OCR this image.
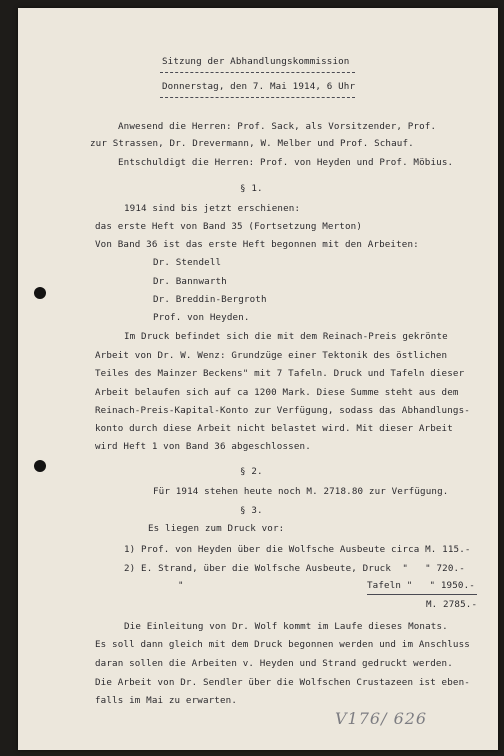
Sitzung der Abhandlungskommission
Donnerstag, den 7. Mai 1914, 6 Uhr
Anwesend die Herren: Prof. Sack, als Vorsitzender, Prof.
zur Strassen, Dr. Drevermann, W. Melber und Prof. Schauf.
Entschuldigt die Herren: Prof. von Heyden und Prof. Möbius.
§ 1.
1914 sind bis jetzt erschienen:
das erste Heft von Band 35 (Fortsetzung Merton)
Von Band 36 ist das erste Heft begonnen mit den Arbeiten:
Dr. Stendell
Dr. Bannwarth
Dr. Breddin-Bergroth
Prof. von Heyden.
Im Druck befindet sich die mit dem Reinach-Preis gekrönte
Arbeit von Dr. W. Wenz: Grundzüge einer Tektonik des östlichen
Teiles des Mainzer Beckens" mit 7 Tafeln. Druck und Tafeln dieser
Arbeit belaufen sich auf ca 1200 Mark. Diese Summe steht aus dem
Reinach-Preis-Kapital-Konto zur Verfügung, sodass das Abhandlungs-
konto durch diese Arbeit nicht belastet wird. Mit dieser Arbeit
wird Heft 1 von Band 36 abgeschlossen.
§ 2.
Für 1914 stehen heute noch M. 2718.80 zur Verfügung.
§ 3.
Es liegen zum Druck vor:
1) Prof. von Heyden über die Wolfsche Ausbeute circa M. 115.-
2) E. Strand, über die Wolfsche Ausbeute, Druck  "   " 720.-
"	Tafeln "   " 1950.-
M. 2785.-
Die Einleitung von Dr. Wolf kommt im Laufe dieses Monats.
Es soll dann gleich mit dem Druck begonnen werden und im Anschluss
daran sollen die Arbeiten v. Heyden und Strand gedruckt werden.
Die Arbeit von Dr. Sendler über die Wolfschen Crustazeen ist eben-
falls im Mai zu erwarten.
V176/ 626
